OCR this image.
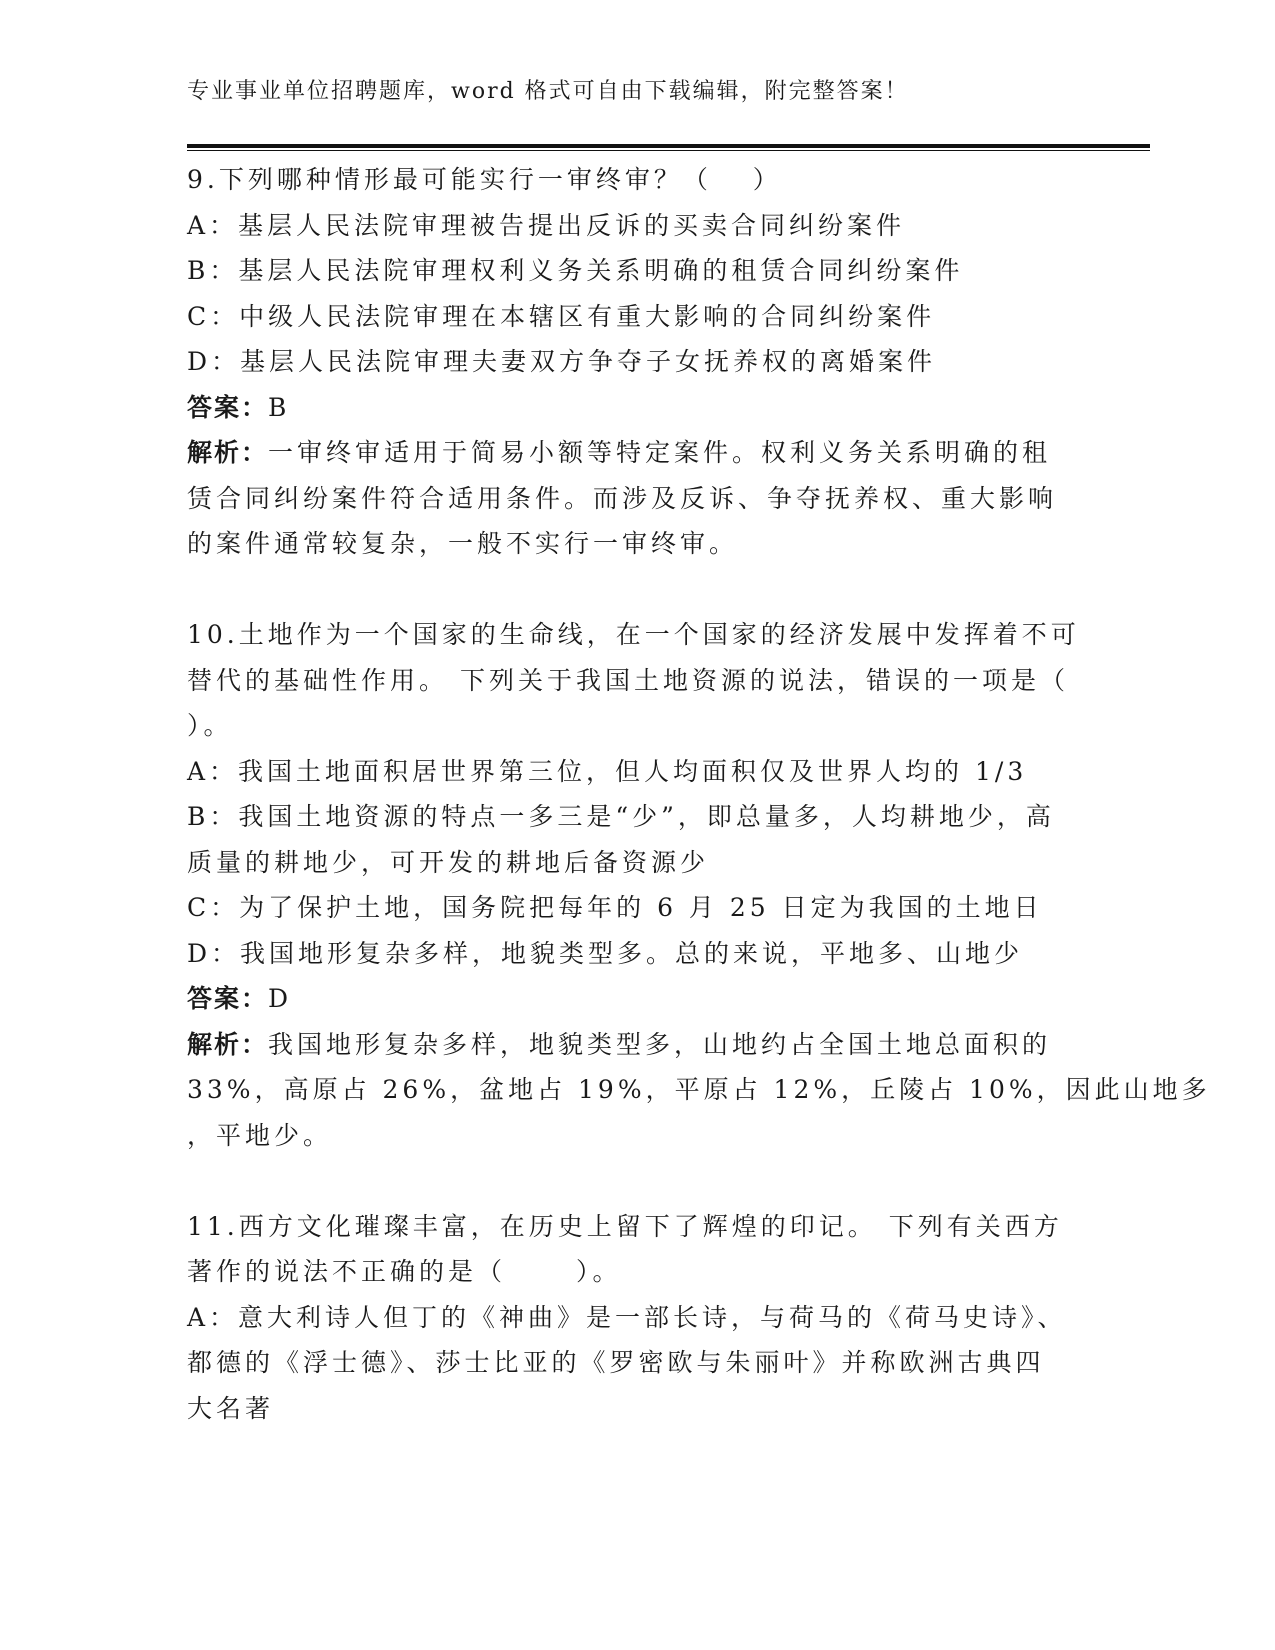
专业事业单位招聘题库，word 格式可自由下载编辑，附完整答案！
9.下列哪种情形最可能实行一审终审？（　 ）
A：基层人民法院审理被告提出反诉的买卖合同纠纷案件
B：基层人民法院审理权利义务关系明确的租赁合同纠纷案件
C：中级人民法院审理在本辖区有重大影响的合同纠纷案件
D：基层人民法院审理夫妻双方争夺子女抚养权的离婚案件
答案：B
解析：一审终审适用于简易小额等特定案件。权利义务关系明确的租
赁合同纠纷案件符合适用条件。而涉及反诉、争夺抚养权、重大影响
的案件通常较复杂，一般不实行一审终审。
10.土地作为一个国家的生命线，在一个国家的经济发展中发挥着不可
替代的基础性作用。 下列关于我国土地资源的说法，错误的一项是（
）。
A：我国土地面积居世界第三位，但人均面积仅及世界人均的 1/3
B：我国土地资源的特点一多三是“少”，即总量多，人均耕地少，高
质量的耕地少，可开发的耕地后备资源少
C：为了保护土地，国务院把每年的 6 月 25 日定为我国的土地日
D：我国地形复杂多样，地貌类型多。总的来说，平地多、山地少
答案：D
解析：我国地形复杂多样，地貌类型多，山地约占全国土地总面积的
33%，高原占 26%，盆地占 19%，平原占 12%，丘陵占 10%，因此山地多
，平地少。
11.西方文化璀璨丰富，在历史上留下了辉煌的印记。 下列有关西方
著作的说法不正确的是（　　 ）。
A：意大利诗人但丁的《神曲》是一部长诗，与荷马的《荷马史诗》、
都德的《浮士德》、莎士比亚的《罗密欧与朱丽叶》并称欧洲古典四
大名著
